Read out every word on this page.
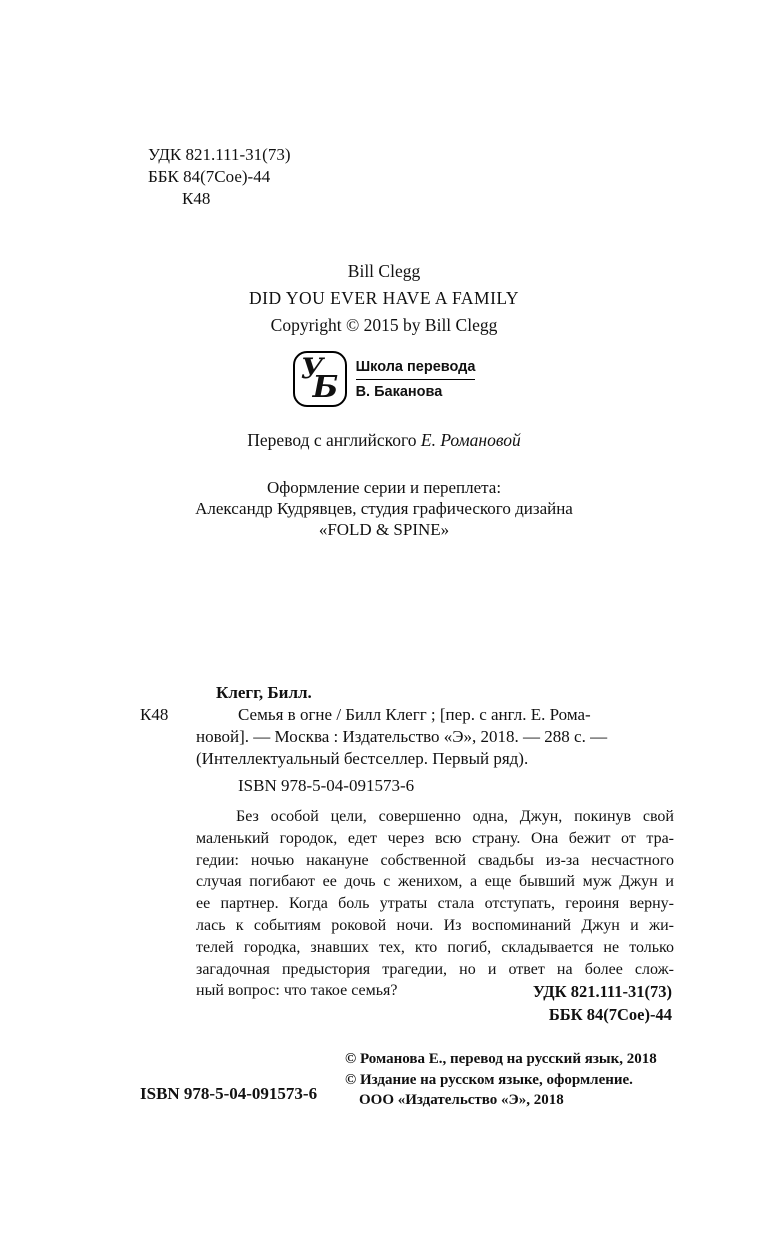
УДК 821.111-31(73)
ББК 84(7Сое)-44
К48
Bill Clegg
DID YOU EVER HAVE A FAMILY
Copyright © 2015 by Bill Clegg
У
Б
Школа перевода
В. Баканова
Перевод с английского Е. Романовой
Оформление серии и переплета:
Александр Кудрявцев, студия графического дизайна
«FOLD & SPINE»
Клегг, Билл.
К48	Семья в огне / Билл Клегг ; [пер. с англ. Е. Рома-
новой]. — Москва : Издательство «Э», 2018. — 288 с. —
(Интеллектуальный бестселлер. Первый ряд).
ISBN 978-5-04-091573-6
Без особой цели, совершенно одна, Джун, покинув свой
маленький городок, едет через всю страну. Она бежит от тра-
гедии: ночью накануне собственной свадьбы из-за несчастного
случая погибают ее дочь с женихом, а еще бывший муж Джун и
ее партнер. Когда боль утраты стала отступать, героиня верну-
лась к событиям роковой ночи. Из воспоминаний Джун и жи-
телей городка, знавших тех, кто погиб, складывается не только
загадочная предыстория трагедии, но и ответ на более слож-
ный вопрос: что такое семья?	УДК 821.111-31(73)
ББК 84(7Сое)-44
© Романова Е., перевод на русский язык, 2018
© Издание на русском языке, оформление.
ООО «Издательство «Э», 2018
ISBN 978-5-04-091573-6
